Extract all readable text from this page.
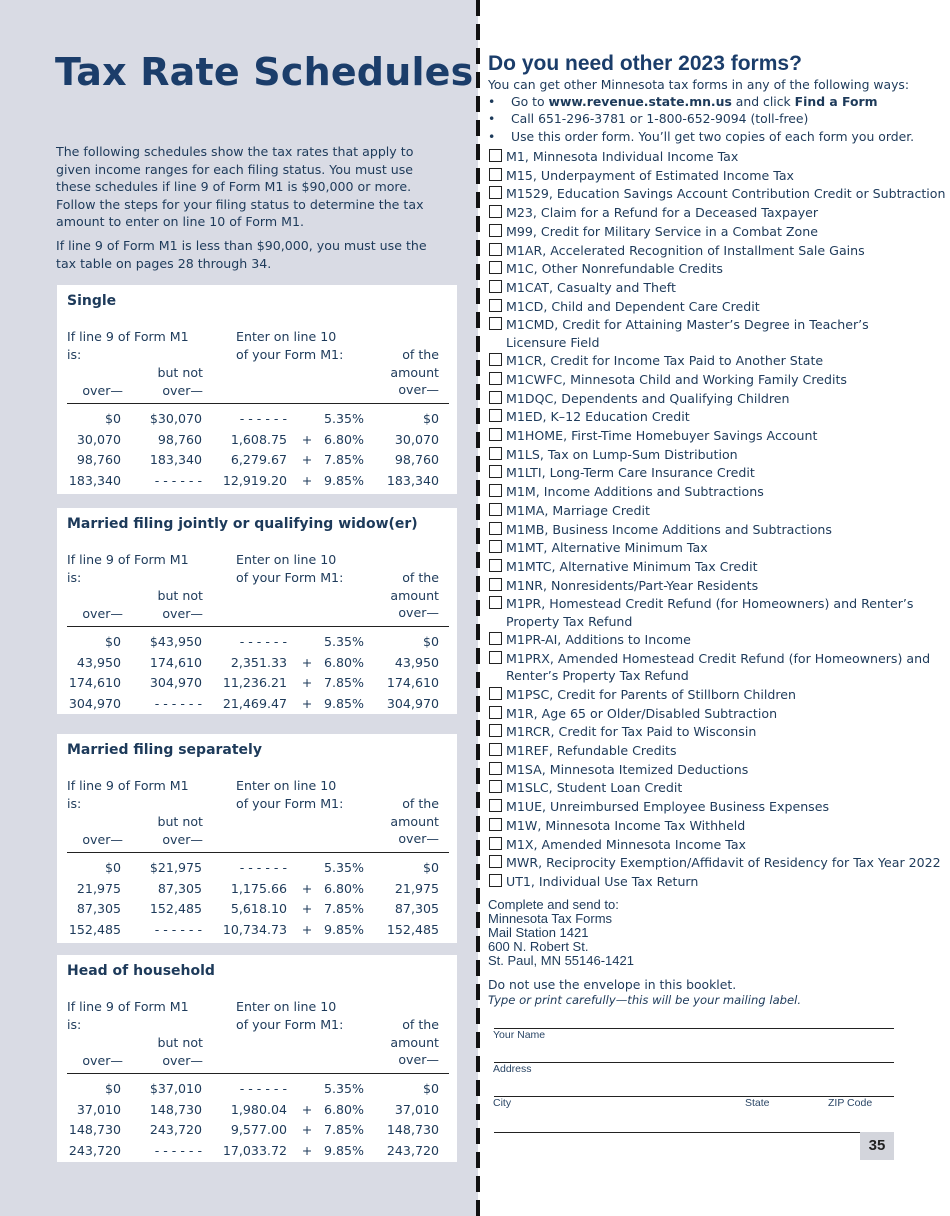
Tax Rate Schedules
The following schedules show the tax rates that apply to given income ranges for each filing status. You must use these schedules if line 9 of Form M1 is $90,000 or more. Follow the steps for your filing status to determine the tax amount to enter on line 10 of Form M1.
If line 9 of Form M1 is less than $90,000, you must use the tax table on pages 28 through 34.
Single
If line 9 of Form M1
is:
Enter on line 10
of your Form M1:	of the
amount
over—
but not
over—	over—
$0	$30,070	- - - - - -	5.35%	$0
30,070	98,760	1,608.75 + 6.80%	30,070
98,760	183,340	6,279.67 + 7.85%	98,760
183,340	- - - - - -	12,919.20 + 9.85%	183,340
Married filing jointly or qualifying widow(er)
If line 9 of Form M1
is:
Enter on line 10
of your Form M1:	of the
amount
over—
but not
over—	over—
$0	$43,950	- - - - - -	5.35%	$0
43,950	174,610	2,351.33 + 6.80%	43,950
174,610	304,970	11,236.21 + 7.85%	174,610
304,970	- - - - - -	21,469.47 + 9.85%	304,970
Married filing separately
If line 9 of Form M1
is:
Enter on line 10
of your Form M1:	of the
amount
over—
but not
over—	over—
$0	$21,975	- - - - - -	5.35%	$0
21,975	87,305	1,175.66 + 6.80%	21,975
87,305	152,485	5,618.10 + 7.85%	87,305
152,485	- - - - - -	10,734.73 + 9.85%	152,485
Head of household
If line 9 of Form M1
is:
Enter on line 10
of your Form M1:	of the
amount
over—
but not
over—	over—
$0	$37,010	- - - - - -	5.35%	$0
37,010	148,730	1,980.04 + 6.80%	37,010
148,730	243,720	9,577.00 + 7.85%	148,730
243,720	- - - - - -	17,033.72 + 9.85%	243,720
Do you need other 2023 forms?
You can get other Minnesota tax forms in any of the following ways:
• Go to www.revenue.state.mn.us and click Find a Form
• Call 651-296-3781 or 1-800-652-9094 (toll-free)
• Use this order form. You’ll get two copies of each form you order.
M1, Minnesota Individual Income Tax
M15, Underpayment of Estimated Income Tax
M1529, Education Savings Account Contribution Credit or Subtraction
M23, Claim for a Refund for a Deceased Taxpayer
M99, Credit for Military Service in a Combat Zone
M1AR, Accelerated Recognition of Installment Sale Gains
M1C, Other Nonrefundable Credits
M1CAT, Casualty and Theft
M1CD, Child and Dependent Care Credit
M1CMD, Credit for Attaining Master’s Degree in Teacher’s
Licensure Field
M1CR, Credit for Income Tax Paid to Another State
M1CWFC, Minnesota Child and Working Family Credits
M1DQC, Dependents and Qualifying Children
M1ED, K–12 Education Credit
M1HOME, First-Time Homebuyer Savings Account
M1LS, Tax on Lump-Sum Distribution
M1LTI, Long-Term Care Insurance Credit
M1M, Income Additions and Subtractions
M1MA, Marriage Credit
M1MB, Business Income Additions and Subtractions
M1MT, Alternative Minimum Tax
M1MTC, Alternative Minimum Tax Credit
M1NR, Nonresidents/Part-Year Residents
M1PR, Homestead Credit Refund (for Homeowners) and Renter’s
Property Tax Refund
M1PR-AI, Additions to Income
M1PRX, Amended Homestead Credit Refund (for Homeowners) and
Renter’s Property Tax Refund
M1PSC, Credit for Parents of Stillborn Children
M1R, Age 65 or Older/Disabled Subtraction
M1RCR, Credit for Tax Paid to Wisconsin
M1REF, Refundable Credits
M1SA, Minnesota Itemized Deductions
M1SLC, Student Loan Credit
M1UE, Unreimbursed Employee Business Expenses
M1W, Minnesota Income Tax Withheld
M1X, Amended Minnesota Income Tax
MWR, Reciprocity Exemption/Affidavit of Residency for Tax Year 2022
UT1, Individual Use Tax Return
Complete and send to:
Minnesota Tax Forms
Mail Station 1421
600 N. Robert St.
St. Paul, MN 55146-1421
Do not use the envelope in this booklet.
Type or print carefully—this will be your mailing label.
Your Name
Address
City	State	ZIP Code
35
